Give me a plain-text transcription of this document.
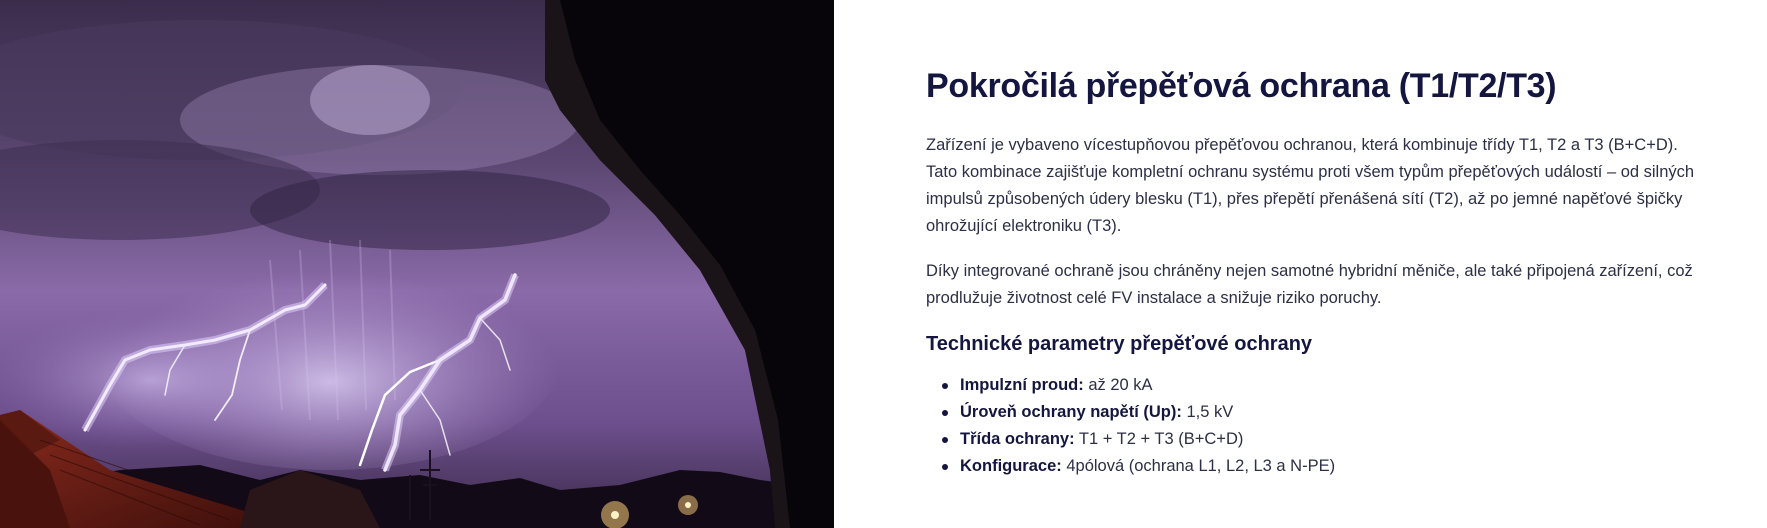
Pokročilá přepěťová ochrana (T1/T2/T3)

Zařízení je vybaveno vícestupňovou přepěťovou ochranou, která kombinuje třídy T1, T2 a T3 (B+C+D). Tato kombinace zajišťuje kompletní ochranu systému proti všem typům přepěťových událostí – od silných impulsů způsobených údery blesku (T1), přes přepětí přenášená sítí (T2), až po jemné napěťové špičky ohrožující elektroniku (T3).

Díky integrované ochraně jsou chráněny nejen samotné hybridní měniče, ale také připojená zařízení, což prodlužuje životnost celé FV instalace a snižuje riziko poruchy.

Technické parametry přepěťové ochrany
Impulzní proud: až 20 kA
Úroveň ochrany napětí (Up): 1,5 kV
Třída ochrany: T1 + T2 + T3 (B+C+D)
Konfigurace: 4pólová (ochrana L1, L2, L3 a N-PE)
